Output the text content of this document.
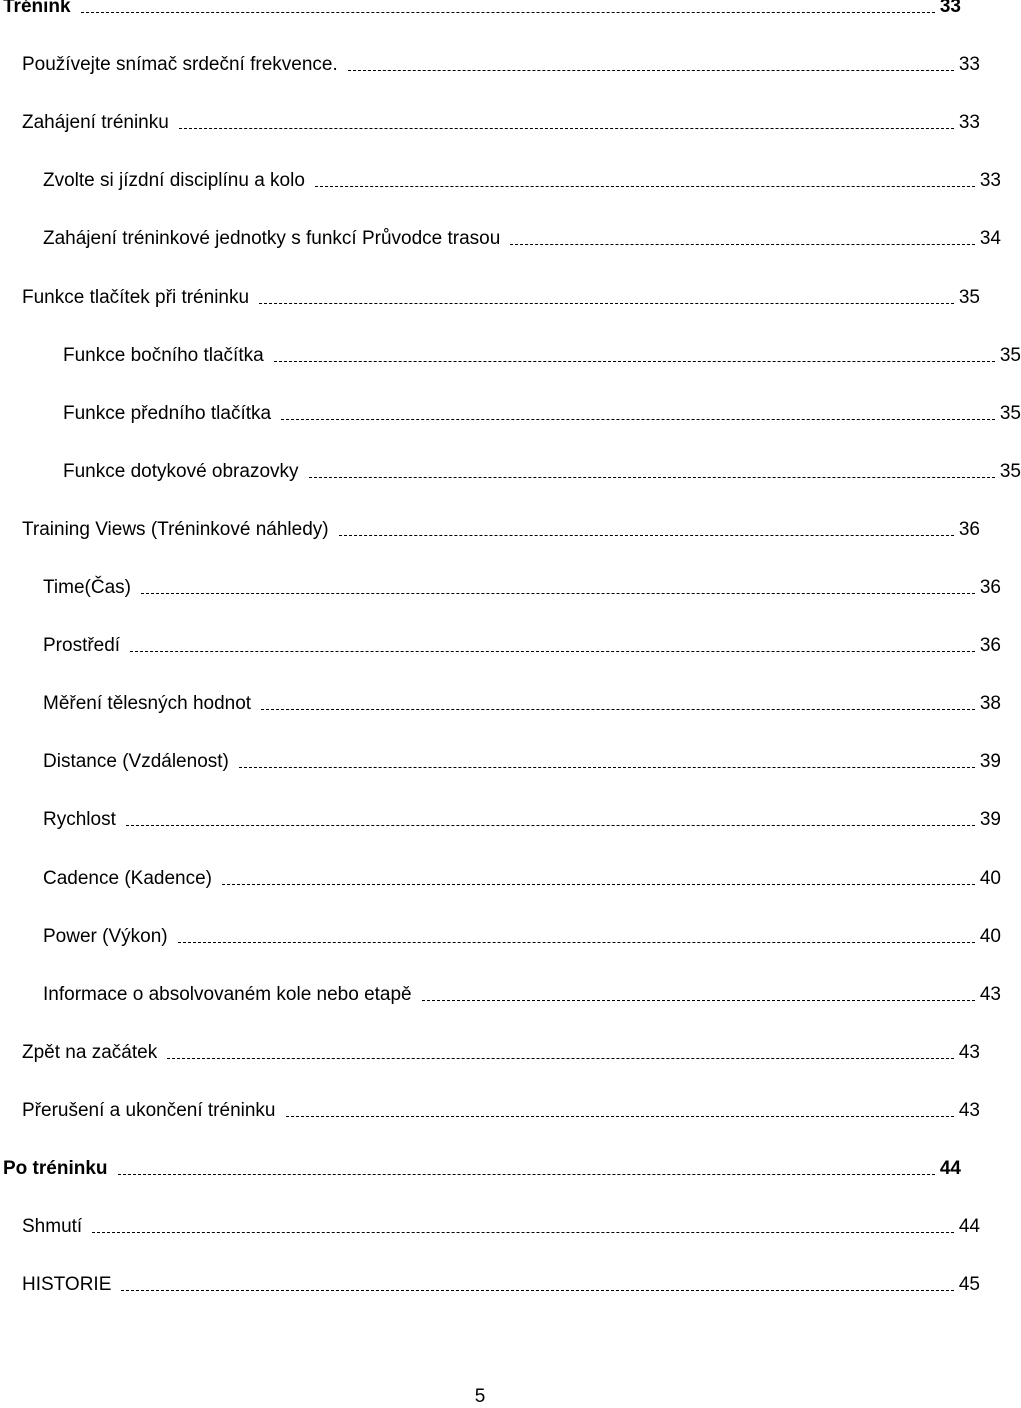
Trénink	33
Používejte snímač srdeční frekvence.	33
Zahájení tréninku	33
Zvolte si jízdní disciplínu a kolo	33
Zahájení tréninkové jednotky s funkcí Průvodce trasou	34
Funkce tlačítek při tréninku	35
Funkce bočního tlačítka	35
Funkce předního tlačítka	35
Funkce dotykové obrazovky	35
Training Views (Tréninkové náhledy)	36
Time(Čas)	36
Prostředí	36
Měření tělesných hodnot	38
Distance (Vzdálenost)	39
Rychlost	39
Cadence (Kadence)	40
Power (Výkon)	40
Informace o absolvovaném kole nebo etapě	43
Zpět na začátek	43
Přerušení a ukončení tréninku	43
Po tréninku	44
Shmutí	44
HISTORIE	45
5
